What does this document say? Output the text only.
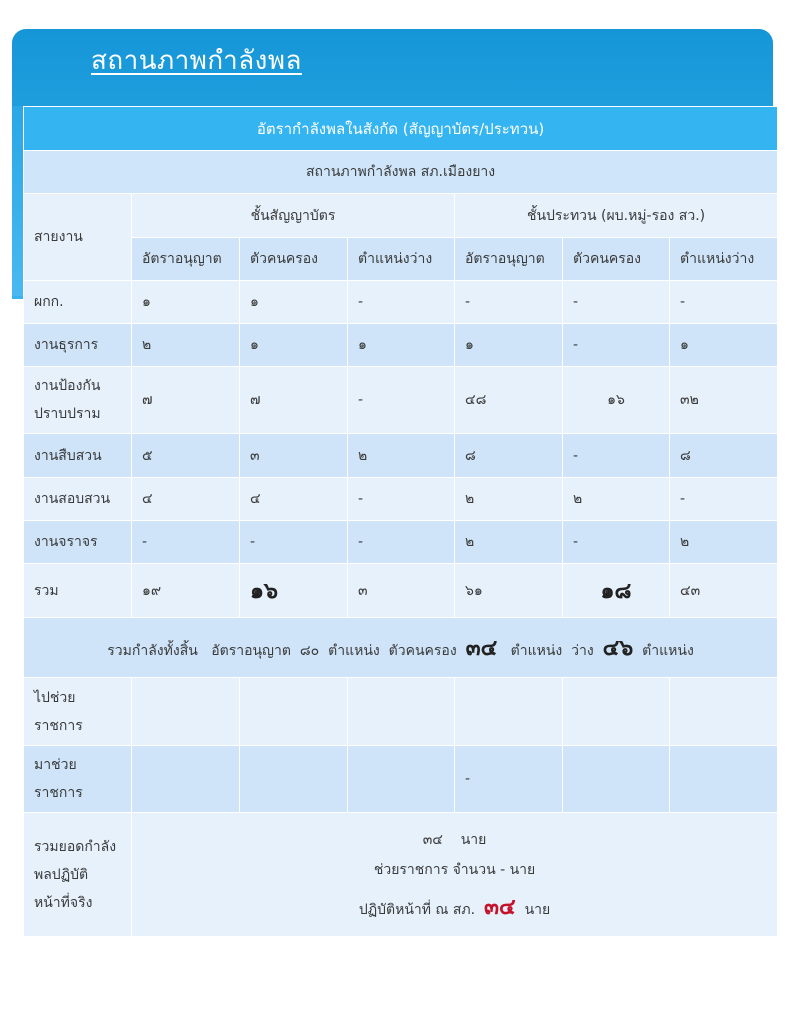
สถานภาพกำลังพล
อัตรากำลังพลในสังกัด (สัญญาบัตร/ประทวน)						
สถานภาพกำลังพล สภ.เมืองยาง						
สายงาน	ชั้นสัญญาบัตร			ชั้นประทวน (ผบ.หมู่-รอง สว.)		
	อัตราอนุญาต	ตัวคนครอง	ตำแหน่งว่าง	อัตราอนุญาต	ตัวคนครอง	ตำแหน่งว่าง
ผกก.	๑	๑	-	-	-	-
งานธุรการ	๒	๑	๑	๑	-	๑
งานป้องกันปราบปราม	๗	๗	-	๔๘	๑๖	๓๒
งานสืบสวน	๕	๓	๒	๘	-	๘
งานสอบสวน	๔	๔	-	๒	๒	-
งานจราจร	-	-	-	๒	-	๒
รวม	๑๙	๑๖	๓	๖๑	๑๘	๔๓
รวมกำลังทั้งสิ้น อัตราอนุญาต ๘๐ ตำแหน่ง ตัวคนครอง ๓๔ ตำแหน่ง ว่าง ๔๖ ตำแหน่ง						
ไปช่วยราชการ						
มาช่วยราชการ				-		
รวมยอดกำลังพลปฏิบัติหน้าที่จริง	๓๔ นาย
ช่วยราชการ จำนวน - นาย
ปฏิบัติหน้าที่ ณ สภ. ๓๔ นาย					
